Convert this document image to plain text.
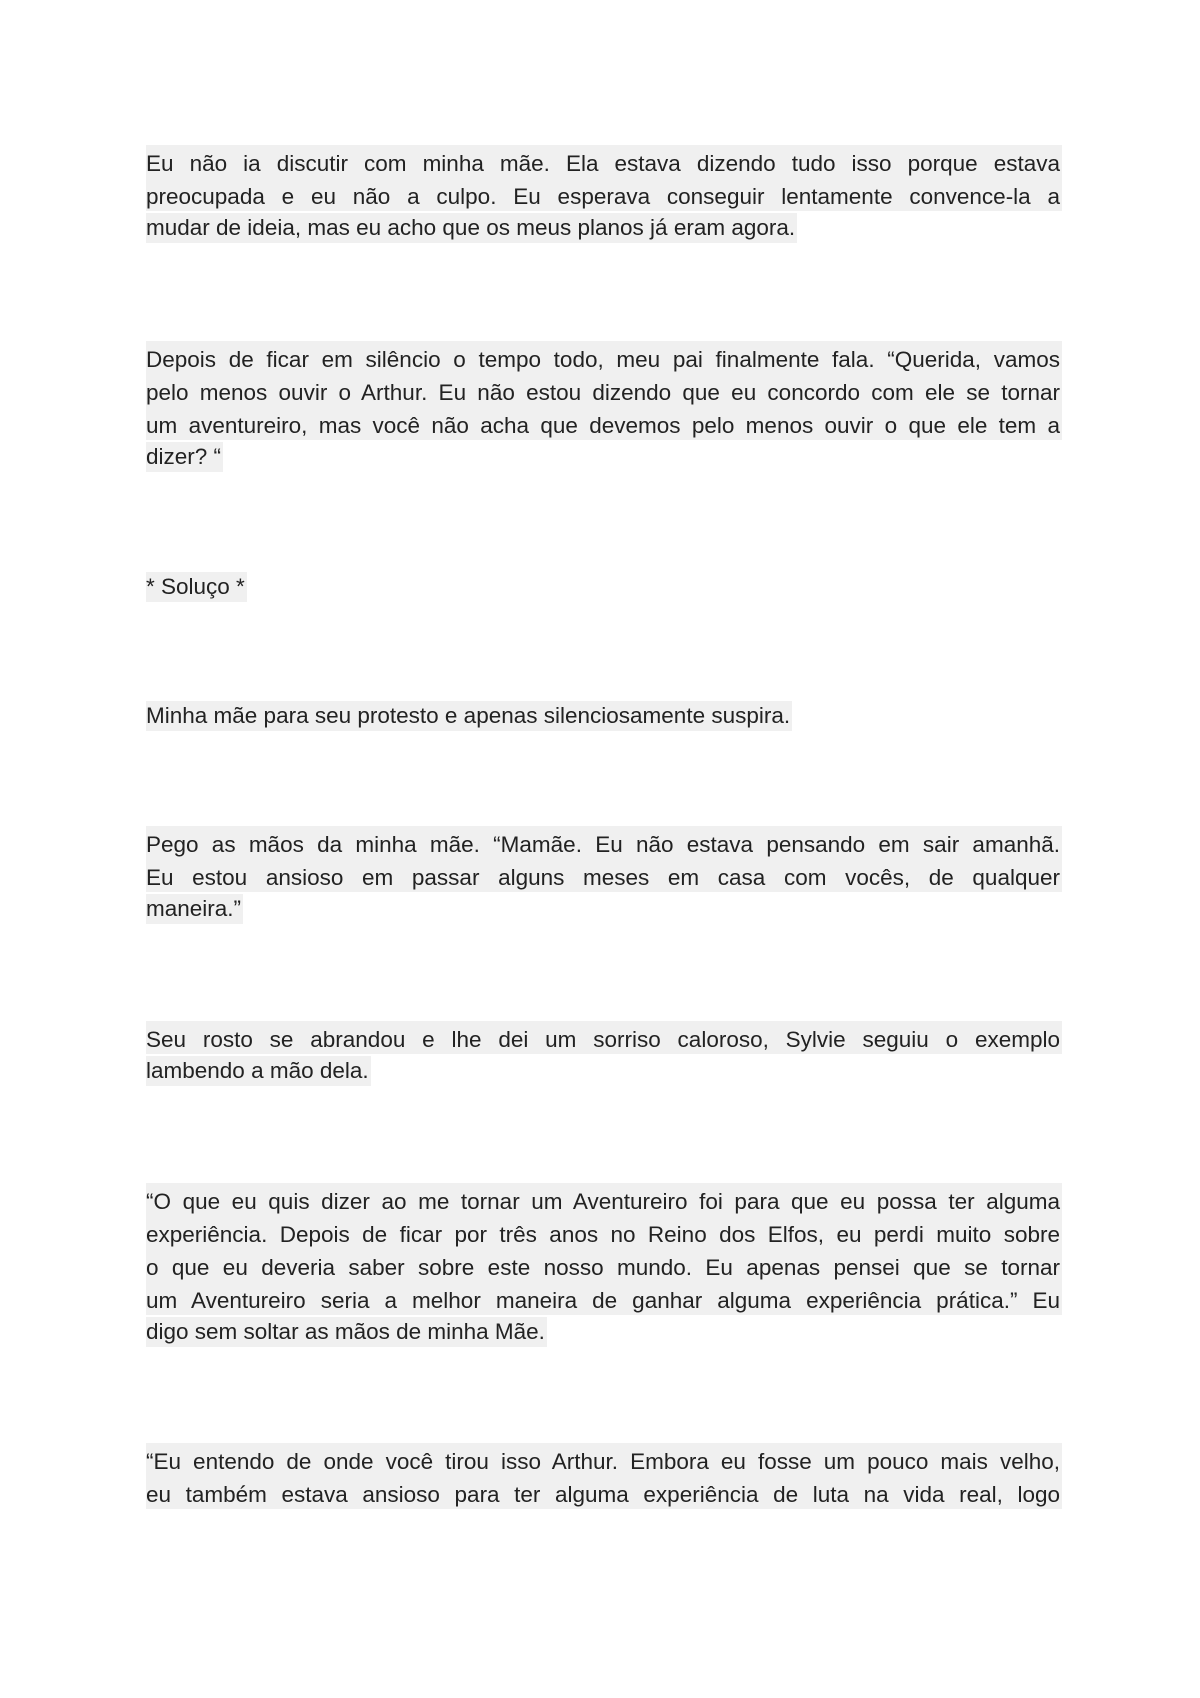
Eu não ia discutir com minha mãe. Ela estava dizendo tudo isso porque estava
preocupada e eu não a culpo. Eu esperava conseguir lentamente convence-la a
mudar de ideia, mas eu acho que os meus planos já eram agora.
Depois de ficar em silêncio o tempo todo, meu pai finalmente fala. “Querida, vamos
pelo menos ouvir o Arthur. Eu não estou dizendo que eu concordo com ele se tornar
um aventureiro, mas você não acha que devemos pelo menos ouvir o que ele tem a
dizer? “
* Soluço *
Minha mãe para seu protesto e apenas silenciosamente suspira.
Pego as mãos da minha mãe. “Mamãe. Eu não estava pensando em sair amanhã.
Eu estou ansioso em passar alguns meses em casa com vocês, de qualquer
maneira.”
Seu rosto se abrandou e lhe dei um sorriso caloroso, Sylvie seguiu o exemplo
lambendo a mão dela.
“O que eu quis dizer ao me tornar um Aventureiro foi para que eu possa ter alguma
experiência. Depois de ficar por três anos no Reino dos Elfos, eu perdi muito sobre
o que eu deveria saber sobre este nosso mundo. Eu apenas pensei que se tornar
um Aventureiro seria a melhor maneira de ganhar alguma experiência prática.” Eu
digo sem soltar as mãos de minha Mãe.
“Eu entendo de onde você tirou isso Arthur. Embora eu fosse um pouco mais velho,
eu também estava ansioso para ter alguma experiência de luta na vida real, logo
